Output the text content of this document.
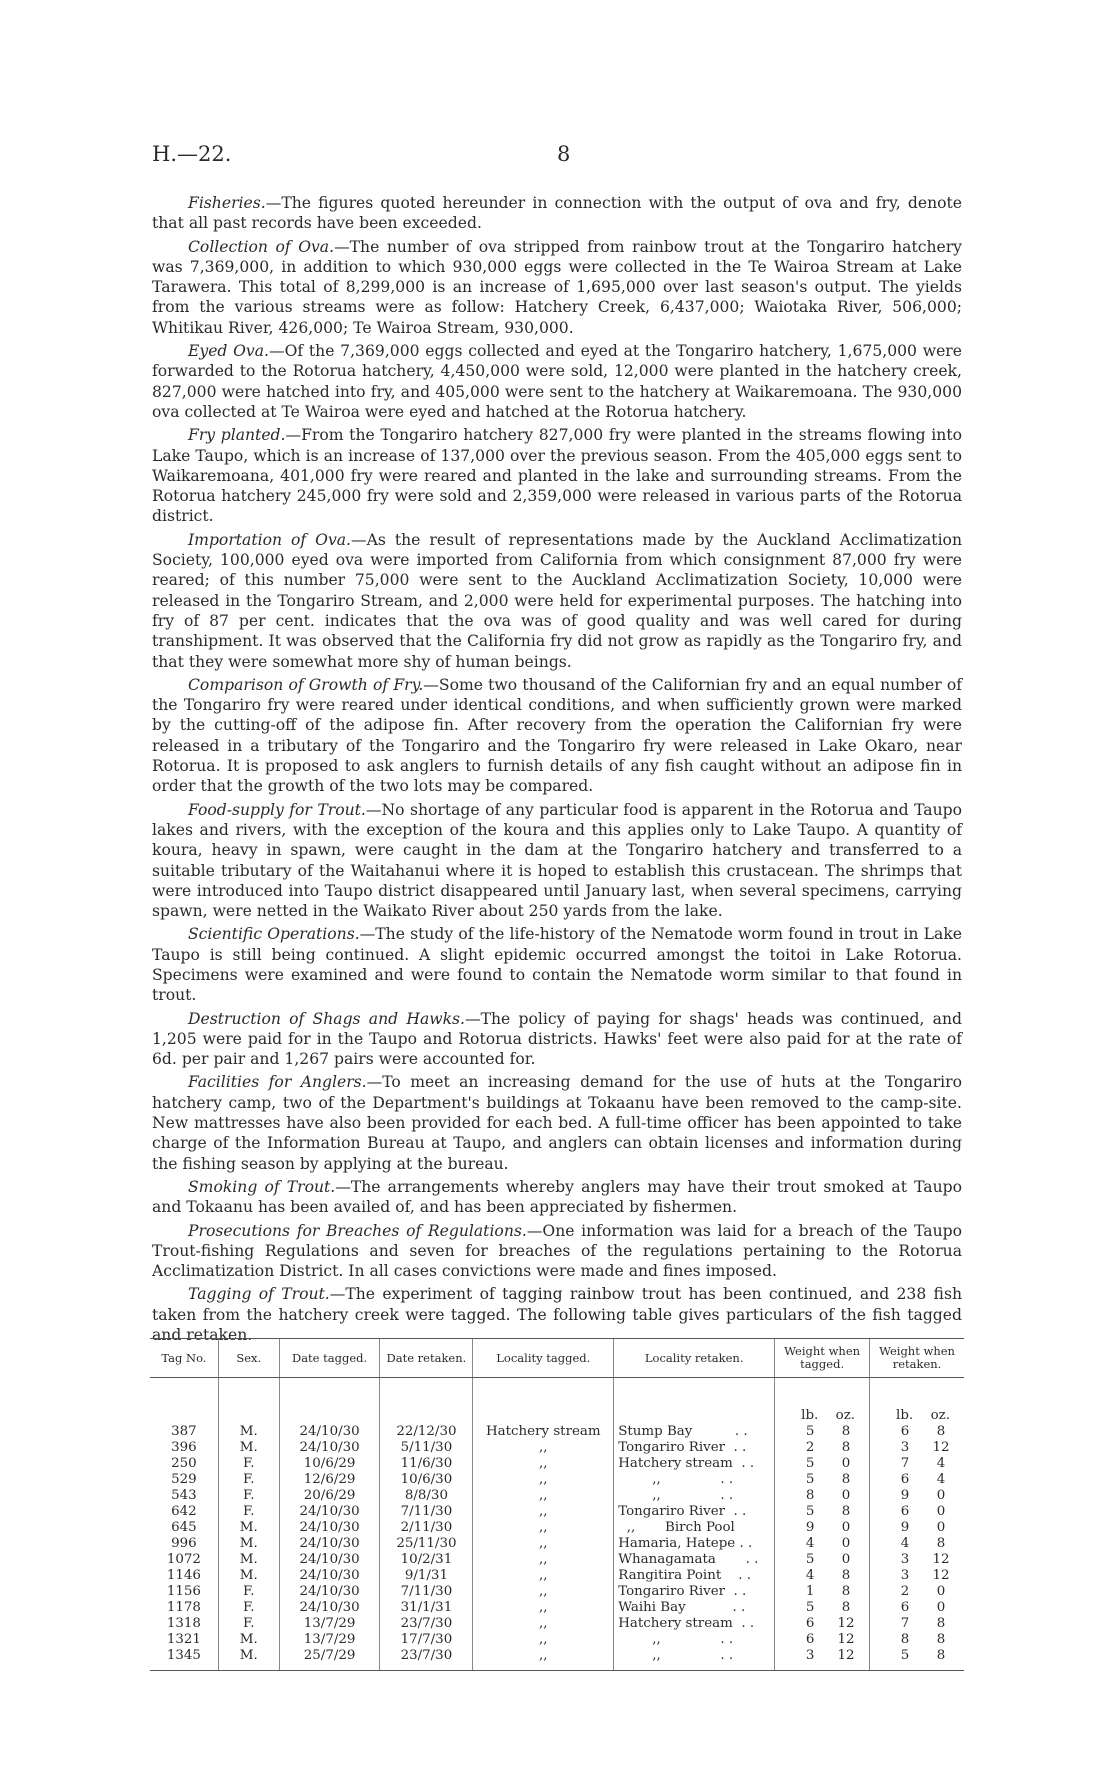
H.—22.	8

Fisheries.—The figures quoted hereunder in connection with the output of ova and fry, denote that all past records have been exceeded.

Collection of Ova.—The number of ova stripped from rainbow trout at the Tongariro hatchery was 7,369,000, in addition to which 930,000 eggs were collected in the Te Wairoa Stream at Lake Tarawera. This total of 8,299,000 is an increase of 1,695,000 over last season's output. The yields from the various streams were as follow: Hatchery Creek, 6,437,000; Waiotaka River, 506,000; Whitikau River, 426,000; Te Wairoa Stream, 930,000.

Eyed Ova.—Of the 7,369,000 eggs collected and eyed at the Tongariro hatchery, 1,675,000 were forwarded to the Rotorua hatchery, 4,450,000 were sold, 12,000 were planted in the hatchery creek, 827,000 were hatched into fry, and 405,000 were sent to the hatchery at Waikaremoana. The 930,000 ova collected at Te Wairoa were eyed and hatched at the Rotorua hatchery.

Fry planted.—From the Tongariro hatchery 827,000 fry were planted in the streams flowing into Lake Taupo, which is an increase of 137,000 over the previous season. From the 405,000 eggs sent to Waikaremoana, 401,000 fry were reared and planted in the lake and surrounding streams. From the Rotorua hatchery 245,000 fry were sold and 2,359,000 were released in various parts of the Rotorua district.

Importation of Ova.—As the result of representations made by the Auckland Acclimatization Society, 100,000 eyed ova were imported from California from which consignment 87,000 fry were reared; of this number 75,000 were sent to the Auckland Acclimatization Society, 10,000 were released in the Tongariro Stream, and 2,000 were held for experimental purposes. The hatching into fry of 87 per cent. indicates that the ova was of good quality and was well cared for during transhipment. It was observed that the California fry did not grow as rapidly as the Tongariro fry, and that they were somewhat more shy of human beings.

Comparison of Growth of Fry.—Some two thousand of the Californian fry and an equal number of the Tongariro fry were reared under identical conditions, and when sufficiently grown were marked by the cutting-off of the adipose fin. After recovery from the operation the Californian fry were released in a tributary of the Tongariro and the Tongariro fry were released in Lake Okaro, near Rotorua. It is proposed to ask anglers to furnish details of any fish caught without an adipose fin in order that the growth of the two lots may be compared.

Food-supply for Trout.—No shortage of any particular food is apparent in the Rotorua and Taupo lakes and rivers, with the exception of the koura and this applies only to Lake Taupo. A quantity of koura, heavy in spawn, were caught in the dam at the Tongariro hatchery and transferred to a suitable tributary of the Waitahanui where it is hoped to establish this crustacean. The shrimps that were introduced into Taupo district disappeared until January last, when several specimens, carrying spawn, were netted in the Waikato River about 250 yards from the lake.

Scientific Operations.—The study of the life-history of the Nematode worm found in trout in Lake Taupo is still being continued. A slight epidemic occurred amongst the toitoi in Lake Rotorua. Specimens were examined and were found to contain the Nematode worm similar to that found in trout.

Destruction of Shags and Hawks.—The policy of paying for shags' heads was continued, and 1,205 were paid for in the Taupo and Rotorua districts. Hawks' feet were also paid for at the rate of 6d. per pair and 1,267 pairs were accounted for.

Facilities for Anglers.—To meet an increasing demand for the use of huts at the Tongariro hatchery camp, two of the Department's buildings at Tokaanu have been removed to the camp-site. New mattresses have also been provided for each bed. A full-time officer has been appointed to take charge of the Information Bureau at Taupo, and anglers can obtain licenses and information during the fishing season by applying at the bureau.

Smoking of Trout.—The arrangements whereby anglers may have their trout smoked at Taupo and Tokaanu has been availed of, and has been appreciated by fishermen.

Prosecutions for Breaches of Regulations.—One information was laid for a breach of the Taupo Trout-fishing Regulations and seven for breaches of the regulations pertaining to the Rotorua Acclimatization District. In all cases convictions were made and fines imposed.

Tagging of Trout.—The experiment of tagging rainbow trout has been continued, and 238 fish taken from the hatchery creek were tagged. The following table gives particulars of the fish tagged and retaken.

Tag No.	Sex.	Date tagged.	Date retaken.	Locality tagged.	Locality retaken.	Weight when tagged.	Weight when retaken.

						lb. oz.	lb. oz.

387	M.	24/10/30	22/12/30	Hatchery stream	Stump Bay          . .	5 8	6 8

396	M.	24/10/30	5/11/30	,,	Tongariro River  . .	2 8	3 12

250	F.	10/6/29	11/6/30	,,	Hatchery stream  . .	5 0	7 4

529	F.	12/6/29	10/6/30	,,	,,              . .	5 8	6 4

543	F.	20/6/29	8/8/30	,,	,,              . .	8 0	9 0

642	F.	24/10/30	7/11/30	,,	Tongariro River  . .	5 8	6 0

645	M.	24/10/30	2/11/30	,,	,,       Birch Pool	9 0	9 0

996	M.	24/10/30	25/11/30	,,	Hamaria, Hatepe . .	4 0	4 8

1072	M.	24/10/30	10/2/31	,,	Whanagamata       . .	5 0	3 12

1146	M.	24/10/30	9/1/31	,,	Rangitira Point    . .	4 8	3 12

1156	F.	24/10/30	7/11/30	,,	Tongariro River  . .	1 8	2 0

1178	F.	24/10/30	31/1/31	,,	Waihi Bay           . .	5 8	6 0

1318	F.	13/7/29	23/7/30	,,	Hatchery stream  . .	6 12	7 8

1321	M.	13/7/29	17/7/30	,,	,,              . .	6 12	8 8

1345	M.	25/7/29	23/7/30	,,	,,              . .	3 12	5 8
